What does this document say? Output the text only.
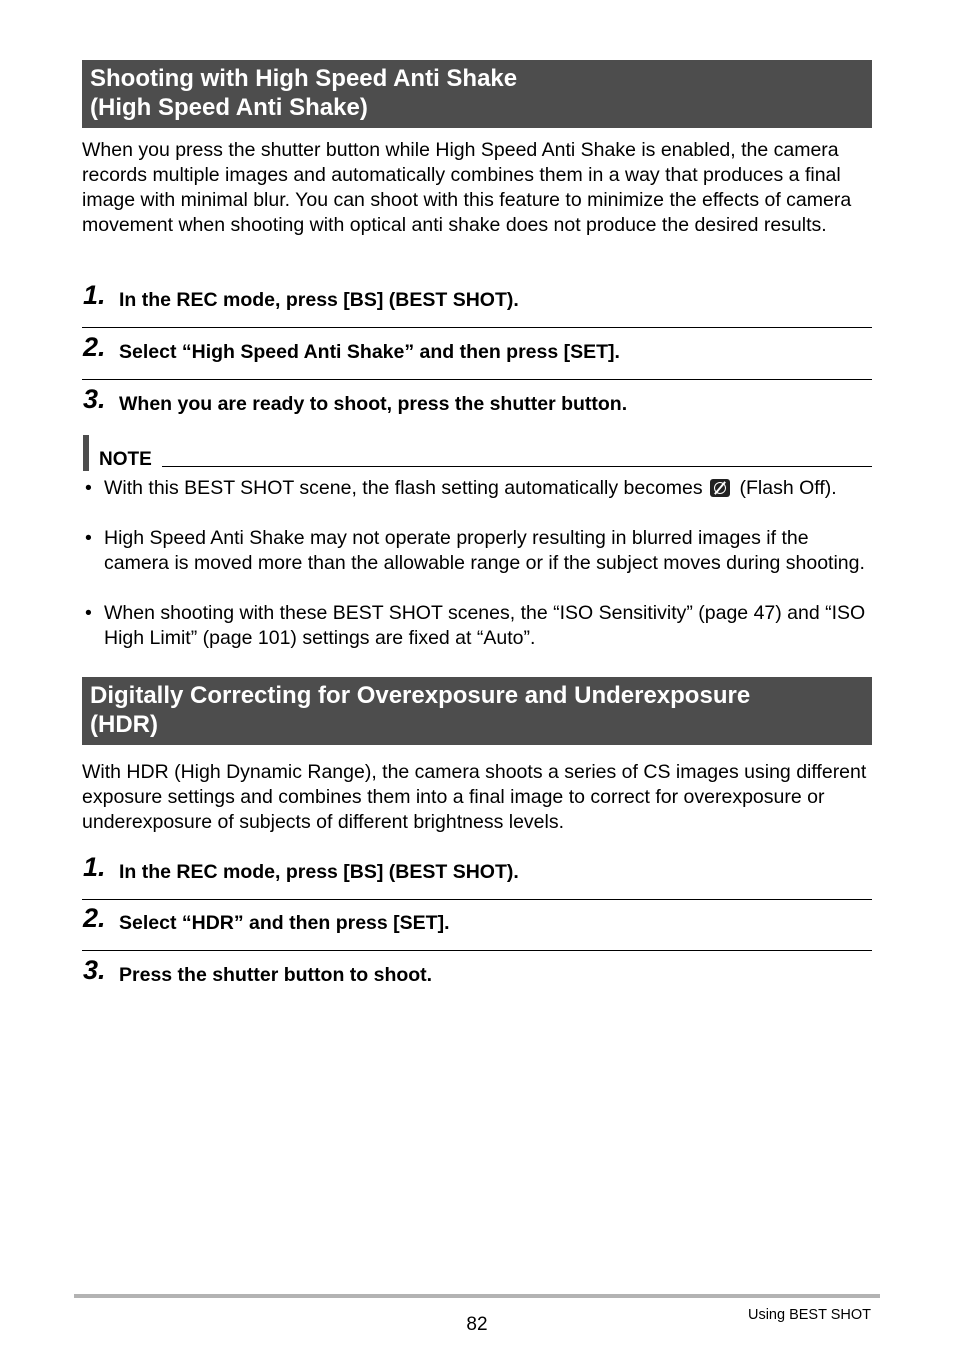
Shooting with High Speed Anti Shake
(High Speed Anti Shake)
When you press the shutter button while High Speed Anti Shake is enabled, the camera records multiple images and automatically combines them in a way that produces a final image with minimal blur. You can shoot with this feature to minimize the effects of camera movement when shooting with optical anti shake does not produce the desired results.
1. In the REC mode, press [BS] (BEST SHOT).
2. Select “High Speed Anti Shake” and then press [SET].
3. When you are ready to shoot, press the shutter button.
NOTE
• With this BEST SHOT scene, the flash setting automatically becomes (Flash Off).
• High Speed Anti Shake may not operate properly resulting in blurred images if the camera is moved more than the allowable range or if the subject moves during shooting.
• When shooting with these BEST SHOT scenes, the “ISO Sensitivity” (page 47) and “ISO High Limit” (page 101) settings are fixed at “Auto”.
Digitally Correcting for Overexposure and Underexposure
(HDR)
With HDR (High Dynamic Range), the camera shoots a series of CS images using different exposure settings and combines them into a final image to correct for overexposure or underexposure of subjects of different brightness levels.
1. In the REC mode, press [BS] (BEST SHOT).
2. Select “HDR” and then press [SET].
3. Press the shutter button to shoot.
82	Using BEST SHOT
